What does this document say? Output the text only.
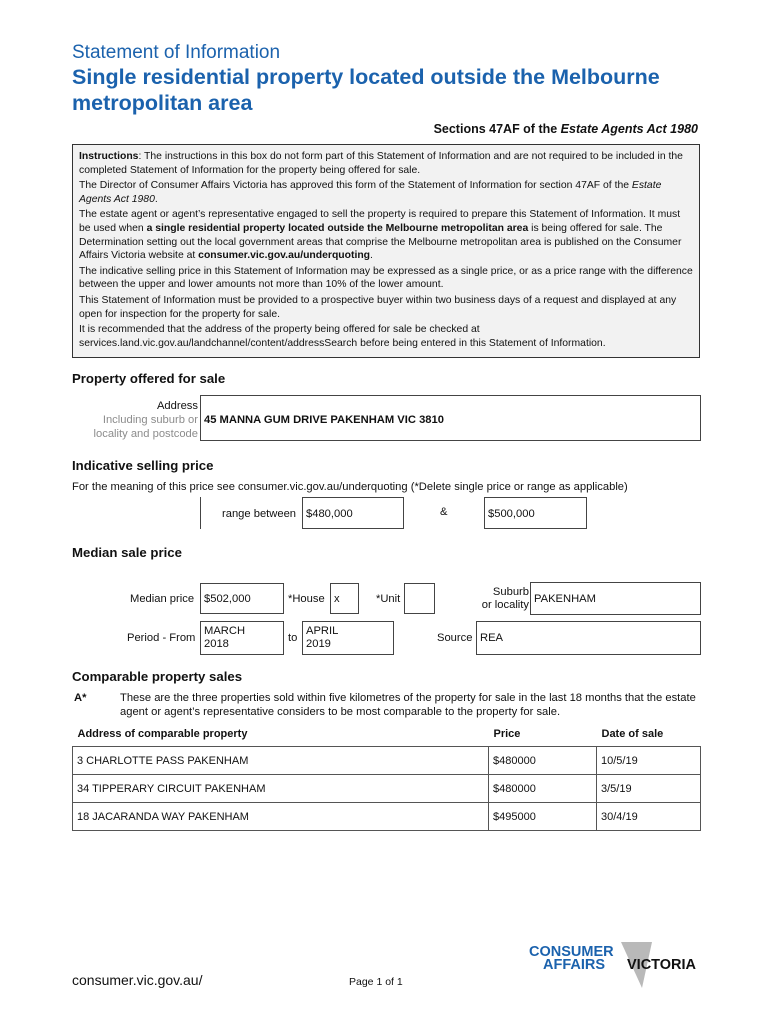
Statement of Information
Single residential property located outside the Melbourne metropolitan area
Sections 47AF of the Estate Agents Act 1980

Instructions: The instructions in this box do not form part of this Statement of Information and are not required to be included in the completed Statement of Information for the property being offered for sale.

The Director of Consumer Affairs Victoria has approved this form of the Statement of Information for section 47AF of the Estate Agents Act 1980.

The estate agent or agent’s representative engaged to sell the property is required to prepare this Statement of Information. It must be used when a single residential property located outside the Melbourne metropolitan area is being offered for sale. The Determination setting out the local government areas that comprise the Melbourne metropolitan area is published on the Consumer Affairs Victoria website at consumer.vic.gov.au/underquoting.

The indicative selling price in this Statement of Information may be expressed as a single price, or as a price range with the difference between the upper and lower amounts not more than 10% of the lower amount.

This Statement of Information must be provided to a prospective buyer within two business days of a request and displayed at any open for inspection for the property for sale.

It is recommended that the address of the property being offered for sale be checked at services.land.vic.gov.au/landchannel/content/addressSearch before being entered in this Statement of Information.

Property offered for sale
Address
Including suburb or
locality and postcode
45 MANNA GUM DRIVE PAKENHAM VIC 3810
Indicative selling price
For the meaning of this price see consumer.vic.gov.au/underquoting (*Delete single price or range as applicable)
range between $480,000	&	$500,000
Median sale price
Median price $502,000	*House x	*Unit
Suburb
or locality PAKENHAM
Period - From
MARCH
2018	to
APRIL
2019	Source REA
Comparable property sales
A*	These are the three properties sold within five kilometres of the property for sale in the last 18 months that the estate agent or agent’s representative considers to be most comparable to the property for sale.
Address of comparable property	Price	Date of sale
3 CHARLOTTE PASS PAKENHAM	$480000	10/5/19
34 TIPPERARY CIRCUIT PAKENHAM	$480000	3/5/19
18 JACARANDA WAY PAKENHAM	$495000	30/4/19
consumer.vic.gov.au/	Page 1 of 1
CONSUMER
AFFAIRS VICTORIA
